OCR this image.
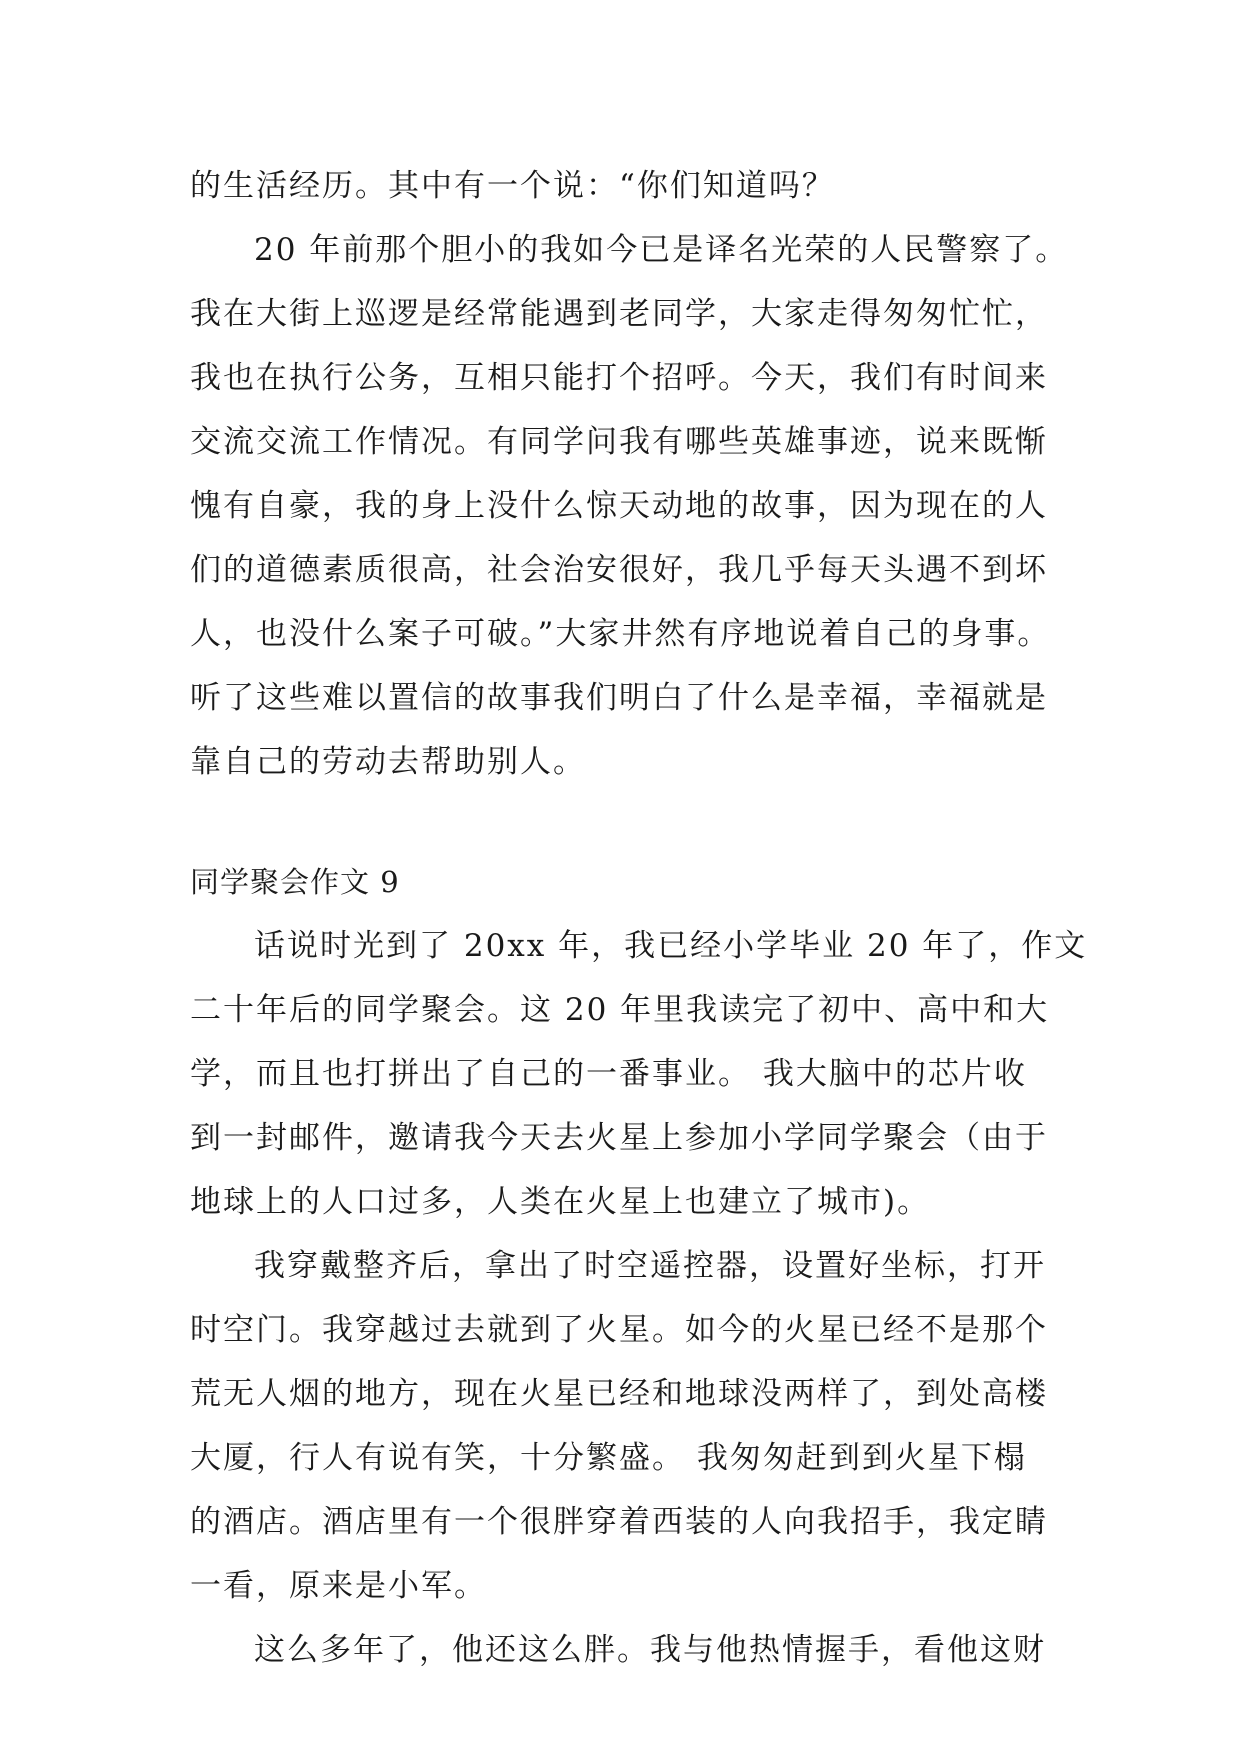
的生活经历。其中有一个说：“你们知道吗？
20 年前那个胆小的我如今已是译名光荣的人民警察了。
我在大街上巡逻是经常能遇到老同学，大家走得匆匆忙忙，
我也在执行公务，互相只能打个招呼。今天，我们有时间来
交流交流工作情况。有同学问我有哪些英雄事迹，说来既惭
愧有自豪，我的身上没什么惊天动地的故事，因为现在的人
们的道德素质很高，社会治安很好，我几乎每天头遇不到坏
人，也没什么案子可破。”大家井然有序地说着自己的身事。
听了这些难以置信的故事我们明白了什么是幸福，幸福就是
靠自己的劳动去帮助别人。
同学聚会作文 9
话说时光到了 20xx 年，我已经小学毕业 20 年了，作文
二十年后的同学聚会。这 20 年里我读完了初中、高中和大
学，而且也打拼出了自己的一番事业。 我大脑中的芯片收
到一封邮件，邀请我今天去火星上参加小学同学聚会（由于
地球上的人口过多，人类在火星上也建立了城市)。
我穿戴整齐后，拿出了时空遥控器，设置好坐标，打开
时空门。我穿越过去就到了火星。如今的火星已经不是那个
荒无人烟的地方，现在火星已经和地球没两样了，到处高楼
大厦，行人有说有笑，十分繁盛。 我匆匆赶到到火星下榻
的酒店。酒店里有一个很胖穿着西装的人向我招手，我定睛
一看，原来是小军。
这么多年了，他还这么胖。我与他热情握手，看他这财
